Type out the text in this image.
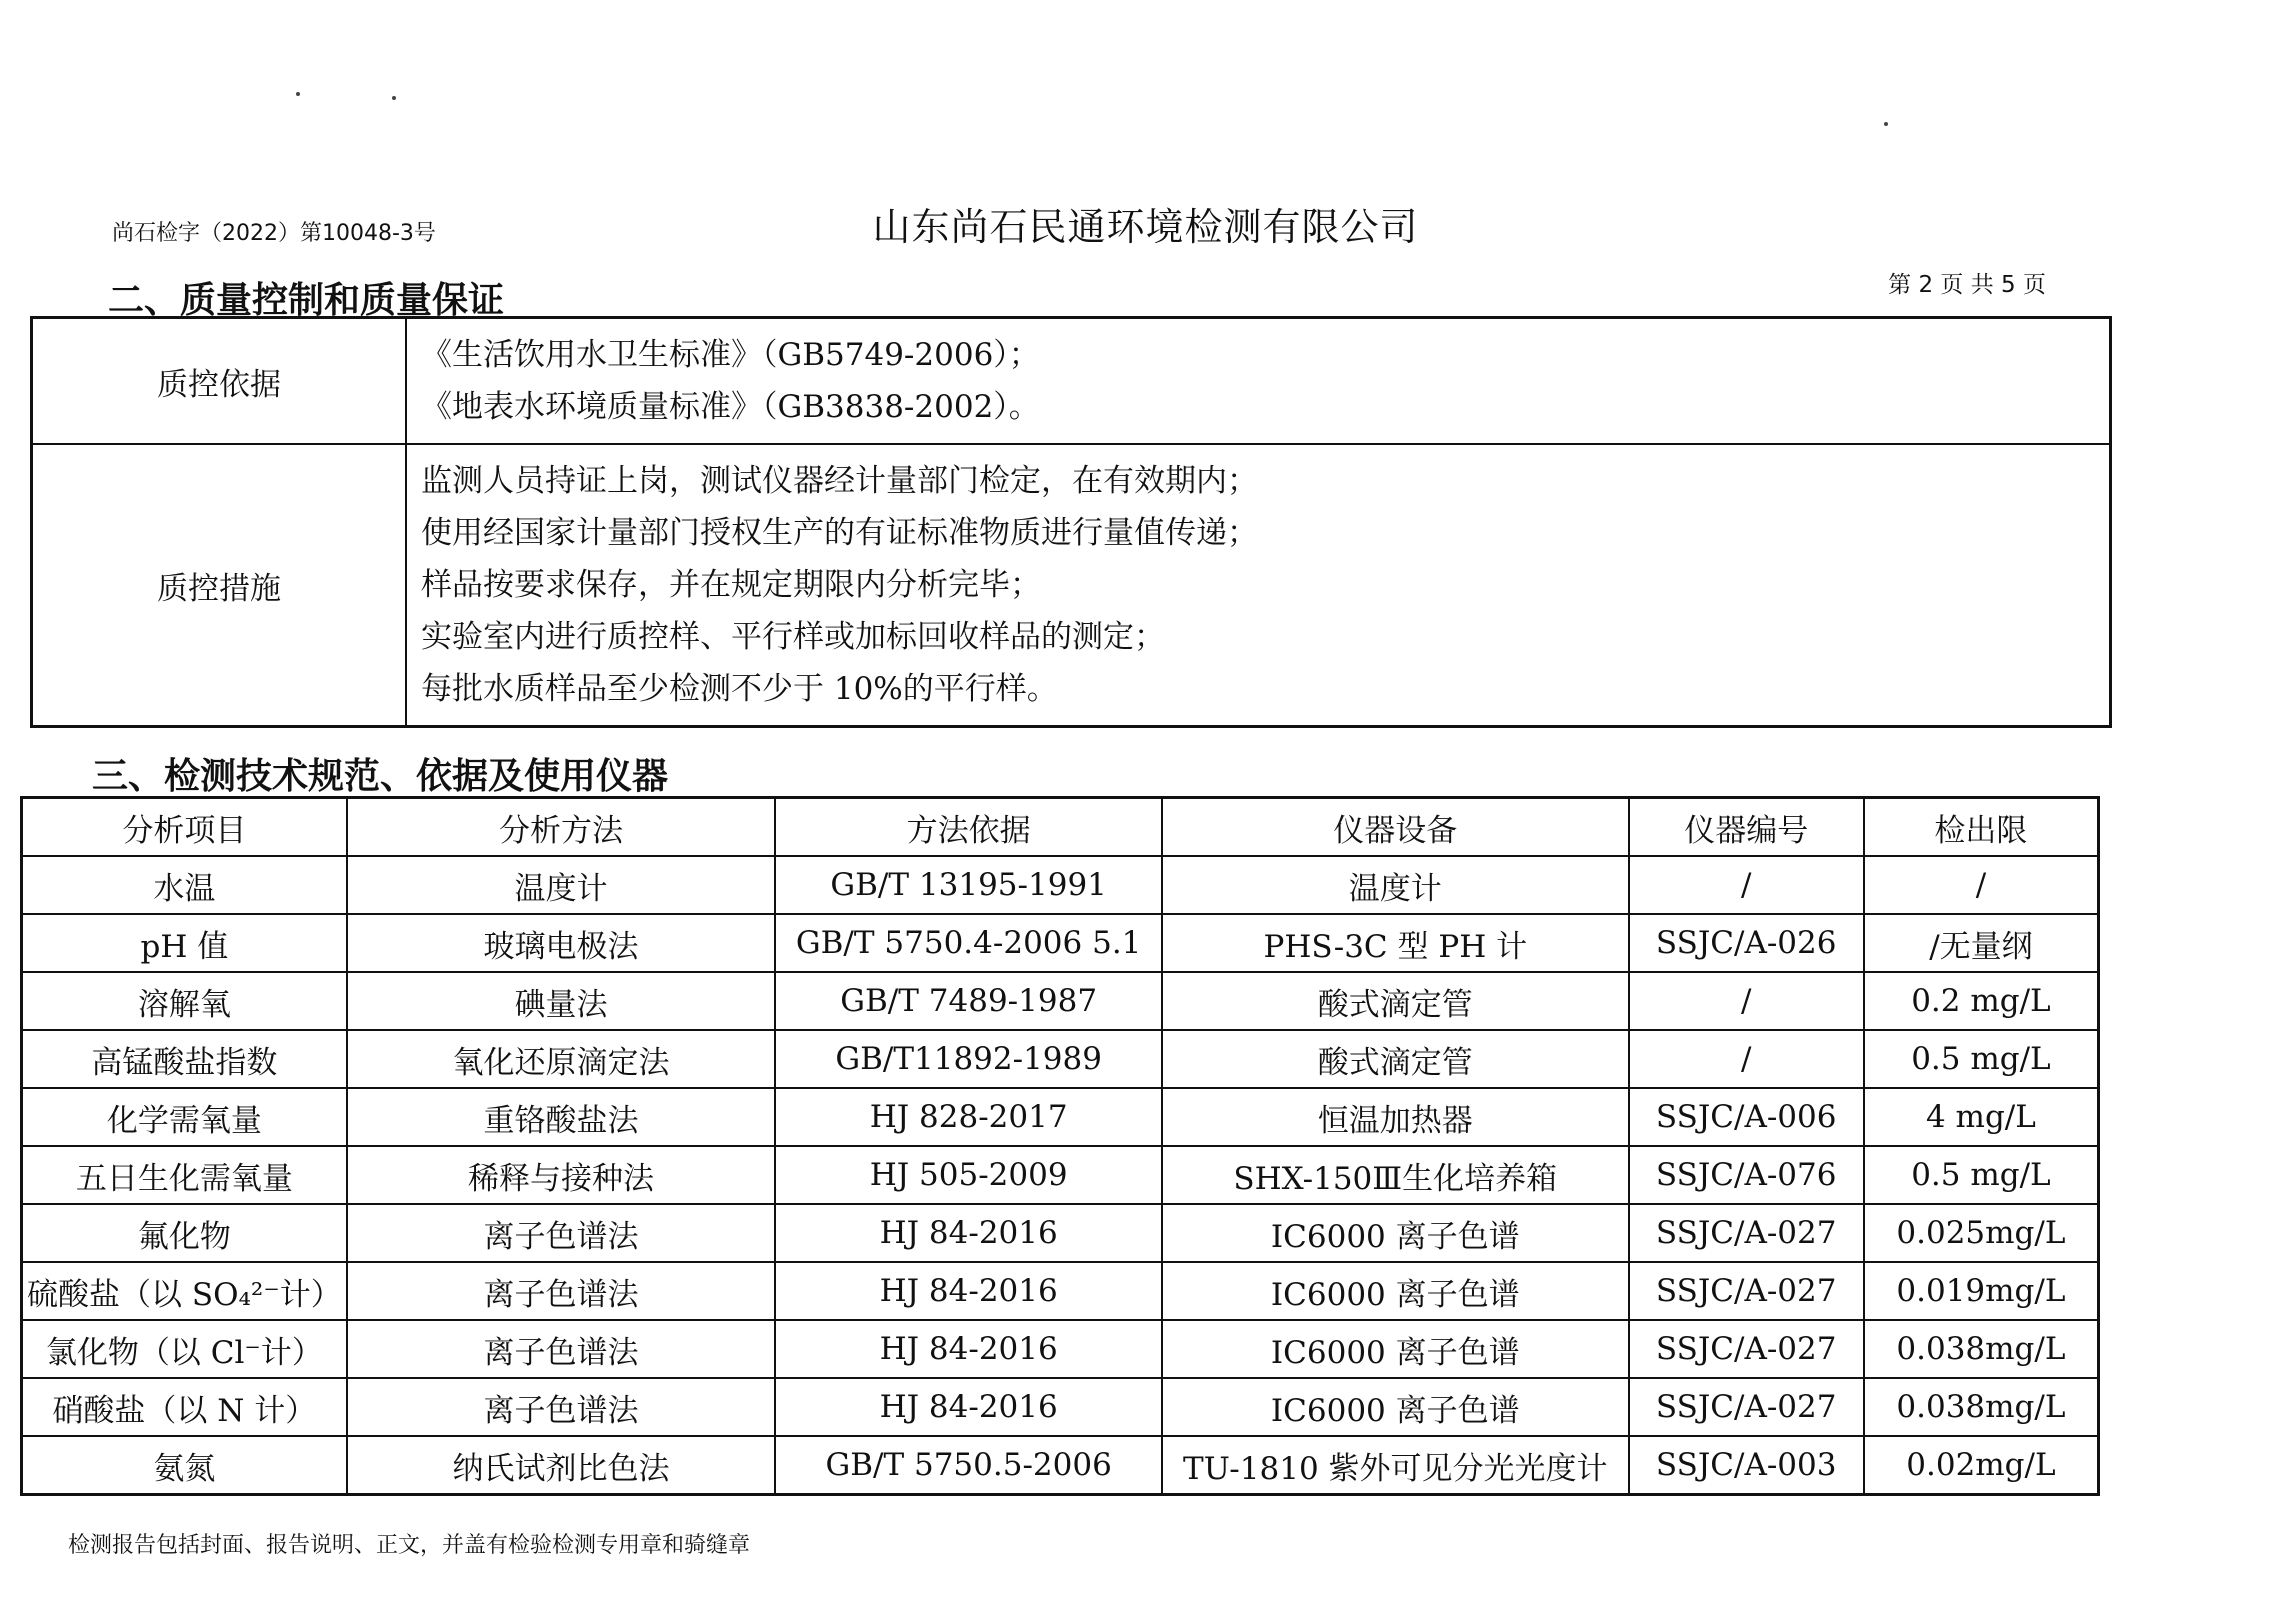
尚石检字（2022）第10048-3号	山东尚石民通环境检测有限公司
第 2 页 共 5 页
二、质量控制和质量保证
质控依据	《生活饮用水卫生标准》（GB5749-2006）；
《地表水环境质量标准》（GB3838-2002）。

质控措施	监测人员持证上岗，测试仪器经计量部门检定，在有效期内；
使用经国家计量部门授权生产的有证标准物质进行量值传递；
样品按要求保存，并在规定期限内分析完毕；
实验室内进行质控样、平行样或加标回收样品的测定；
每批水质样品至少检测不少于 10%的平行样。
三、检测技术规范、依据及使用仪器
分析项目	分析方法	方法依据	仪器设备	仪器编号	检出限
水温	温度计	GB/T 13195-1991	温度计	/	/
pH 值	玻璃电极法	GB/T 5750.4-2006 5.1	PHS-3C 型 PH 计	SSJC/A-026	/无量纲
溶解氧	碘量法	GB/T 7489-1987	酸式滴定管	/	0.2 mg/L
高锰酸盐指数	氧化还原滴定法	GB/T11892-1989	酸式滴定管	/	0.5 mg/L
化学需氧量	重铬酸盐法	HJ 828-2017	恒温加热器	SSJC/A-006	4 mg/L
五日生化需氧量	稀释与接种法	HJ 505-2009	SHX-150Ⅲ生化培养箱	SSJC/A-076	0.5 mg/L
氟化物	离子色谱法	HJ 84-2016	IC6000 离子色谱	SSJC/A-027	0.025mg/L
硫酸盐（以 SO₄²⁻计）	离子色谱法	HJ 84-2016	IC6000 离子色谱	SSJC/A-027	0.019mg/L
氯化物（以 Cl⁻计）	离子色谱法	HJ 84-2016	IC6000 离子色谱	SSJC/A-027	0.038mg/L
硝酸盐（以 N 计）	离子色谱法	HJ 84-2016	IC6000 离子色谱	SSJC/A-027	0.038mg/L
氨氮	纳氏试剂比色法	GB/T 5750.5-2006	TU-1810 紫外可见分光光度计	SSJC/A-003	0.02mg/L
检测报告包括封面、报告说明、正文，并盖有检验检测专用章和骑缝章
